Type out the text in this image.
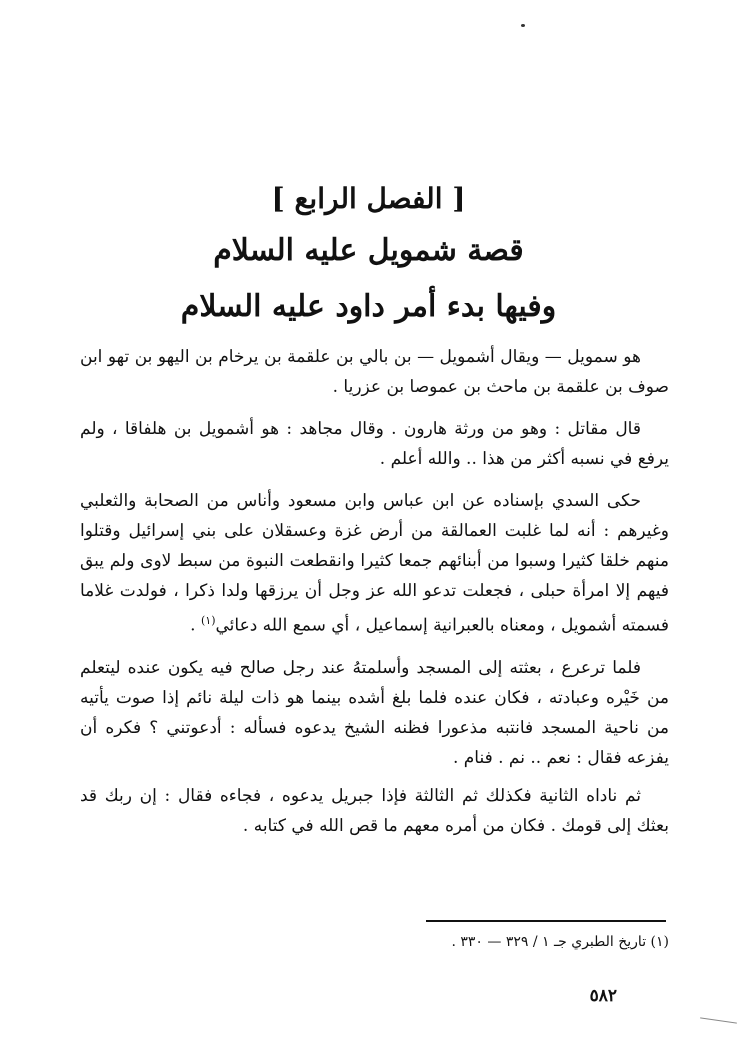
[ الفصل الرابع ]
قصة شمويل عليه السلام
وفيها بدء أمر داود عليه السلام

هو سمويل — ويقال أشمويل — بن بالي بن علقمة بن يرخام بن اليهو بن تهو ابن صوف بن علقمة بن ماحث بن عموصا بن عزريا .

قال مقاتل : وهو من ورثة هارون . وقال مجاهد : هو أشمويل بن هلفاقا ، ولم يرفع في نسبه أكثر من هذا .. والله أعلم .

حكى السدي بإسناده عن ابن عباس وابن مسعود وأناس من الصحابة والثعلبي وغيرهم : أنه لما غلبت العمالقة من أرض غزة وعسقلان على بني إسرائيل وقتلوا منهم خلقا كثيرا وسبوا من أبنائهم جمعا كثيرا وانقطعت النبوة من سبط لاوى ولم يبق فيهم إلا امرأة حبلى ، فجعلت تدعو الله عز وجل أن يرزقها ولدا ذكرا ، فولدت غلاما فسمته أشمويل ، ومعناه بالعبرانية إسماعيل ، أي سمع الله دعائي$^{(١)}$ .

فلما ترعرع ، بعثته إلى المسجد وأسلمتهُ عند رجل صالح فيه يكون عنده ليتعلم من خَيْره وعبادته ، فكان عنده فلما بلغ أشده بينما هو ذات ليلة نائم إذا صوت يأتيه من ناحية المسجد فانتبه مذعورا فظنه الشيخ يدعوه فسأله : أدعوتني ؟ فكره أن يفزعه فقال : نعم .. نم . فنام .

ثم ناداه الثانية فكذلك ثم الثالثة فإذا جبريل يدعوه ، فجاءه فقال : إن ربك قد بعثك إلى قومك . فكان من أمره معهم ما قص الله في كتابه .

(١) تاريخ الطبري جـ ١ / ٣٢٩ — ٣٣٠ .
٥٨٢
